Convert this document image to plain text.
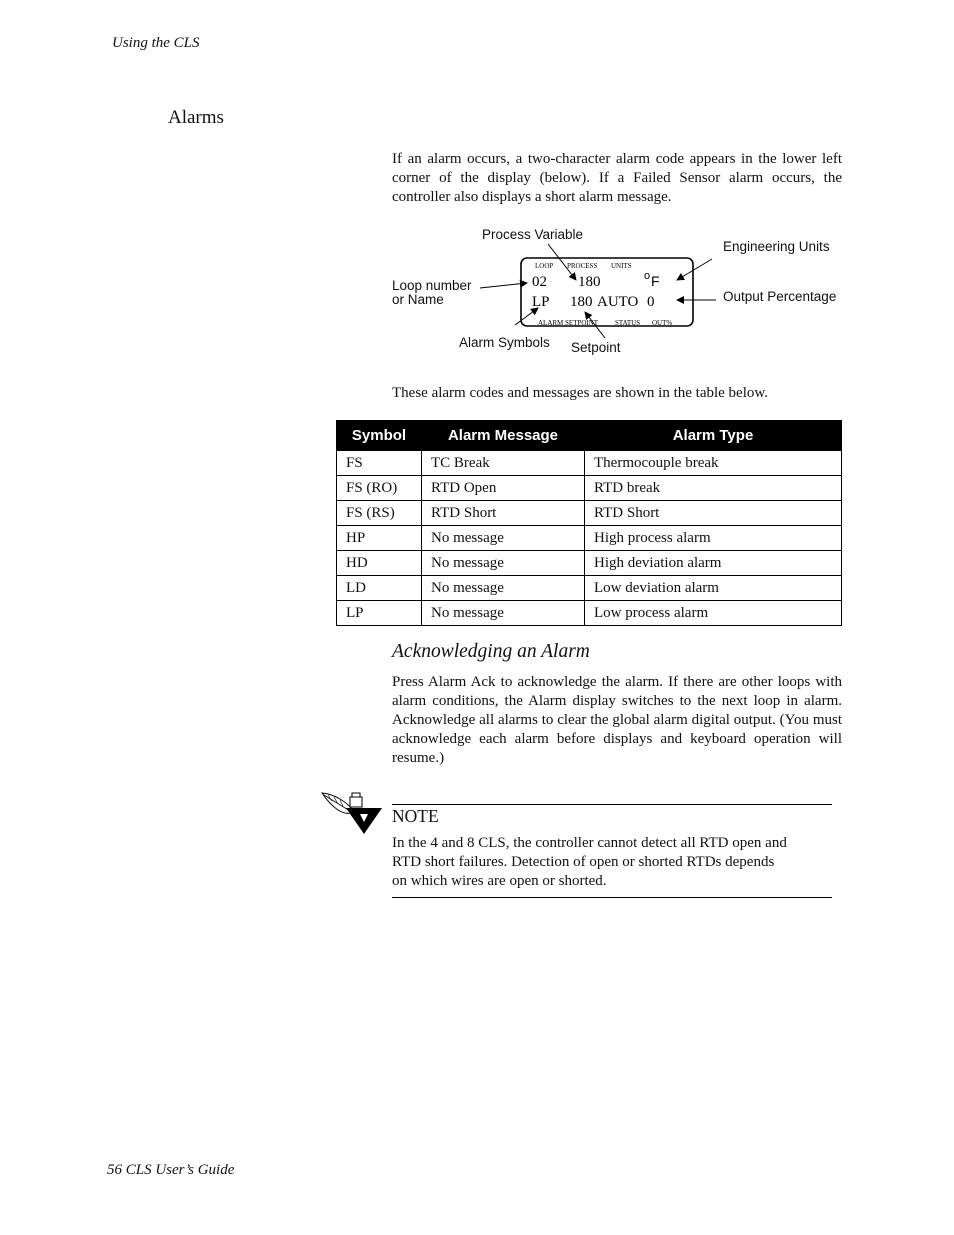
Using the CLS
Alarms
If an alarm occurs, a two-character alarm code appears in the lower left corner of the display (below). If a Failed Sensor alarm occurs, the controller also displays a short alarm message.
LOOP PROCESS UNITS
02 180	o F
LP 180 AUTO 0
ALARM SETPOINT STATUS OUT%
Process Variable
Engineering Units
Loop number
or Name	Output Percentage
Alarm Symbols Setpoint
These alarm codes and messages are shown in the table below.
Symbol	Alarm Message	Alarm Type
FS	TC Break	Thermocouple break
FS (RO)	RTD Open	RTD break
FS (RS)	RTD Short	RTD Short
HP	No message	High process alarm
HD	No message	High deviation alarm
LD	No message	Low deviation alarm
LP	No message	Low process alarm
Acknowledging an Alarm
Press Alarm Ack to acknowledge the alarm. If there are other loops with alarm conditions, the Alarm display switches to the next loop in alarm. Acknowledge all alarms to clear the global alarm digital output. (You must acknowledge each alarm before displays and keyboard operation will resume.)
NOTE
In the 4 and 8 CLS, the controller cannot detect all RTD open and RTD short failures. Detection of open or shorted RTDs depends on which wires are open or shorted.
56 CLS User’s Guide
